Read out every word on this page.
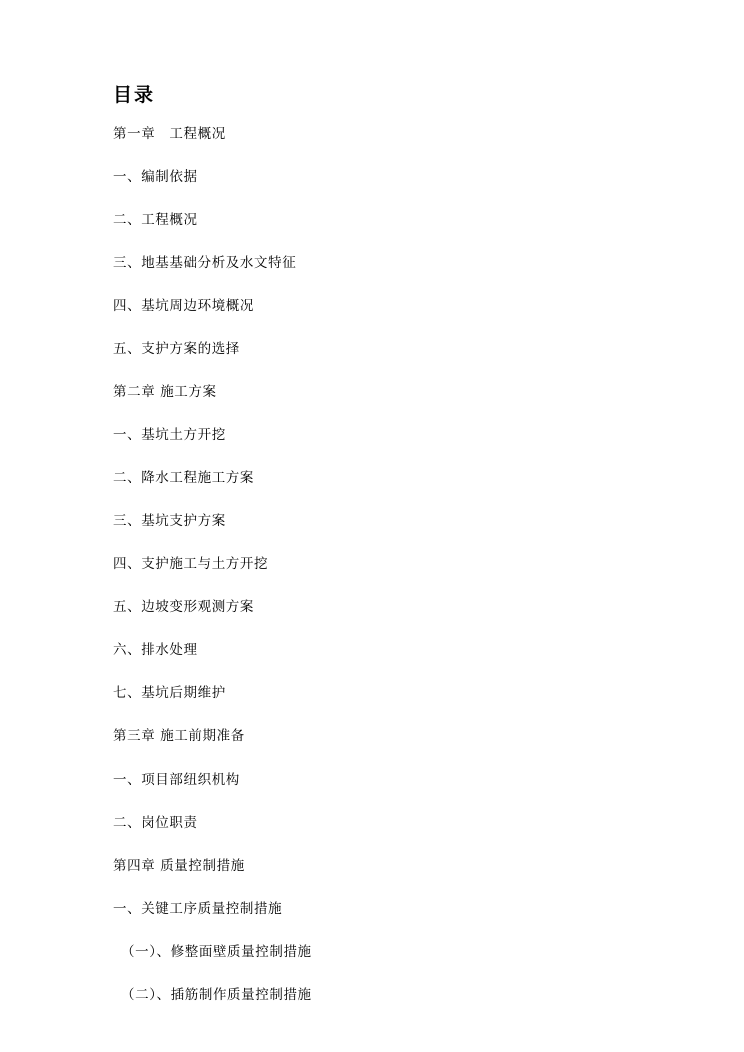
目录
第一章　工程概况
一、编制依据
二、工程概况
三、地基基础分析及水文特征
四、基坑周边环境概况
五、支护方案的选择
第二章 施工方案
一、基坑土方开挖
二、降水工程施工方案
三、基坑支护方案
四、支护施工与土方开挖
五、边坡变形观测方案
六、排水处理
七、基坑后期维护
第三章 施工前期准备
一、项目部纽织机构
二、岗位职责
第四章 质量控制措施
一、关键工序质量控制措施
（一）、修整面壁质量控制措施
（二）、插筋制作质量控制措施
